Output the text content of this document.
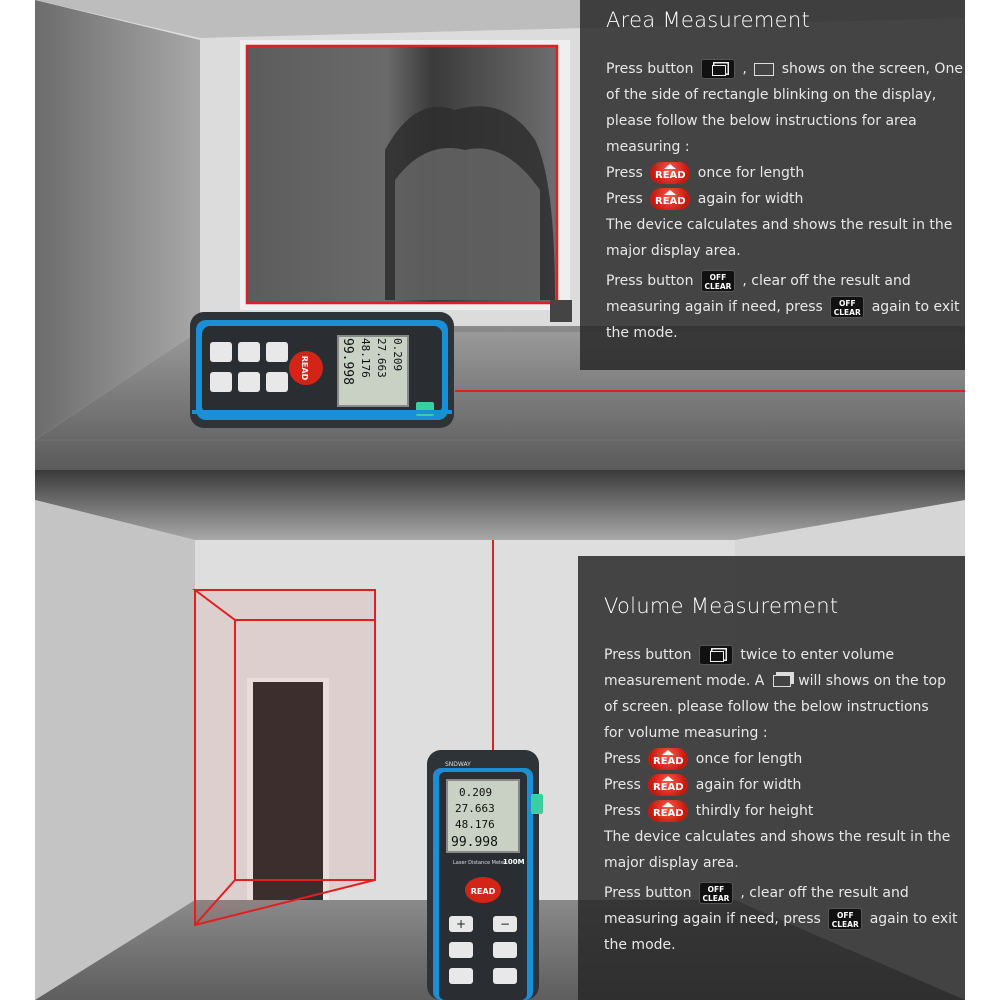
READ	0.209
27.663
48.176
99.998
Area Measurement
Press button	, shows on the screen, One
of the side of rectangle blinking on the display,
please follow the below instructions for area
measuring :
Press READ once for length
Press READ again for width
The device calculates and shows the result in the
major display area.
Press button OFF
CLEAR , clear off the result and
measuring again if need, press OFF
CLEAR again to exit
the mode.
SNDWAY
0.209
27.663
48.176
99.998
Laser Distance Meter
100M
READ
+	−
Volume Measurement
Press button	twice to enter volume
measurement mode. A will shows on the top
of screen. please follow the below instructions
for volume measuring :
Press READ once for length
Press READ again for width
Press READ thirdly for height
The device calculates and shows the result in the
major display area.
Press button OFF
CLEAR , clear off the result and
measuring again if need, press OFF
CLEAR again to exit
the mode.
